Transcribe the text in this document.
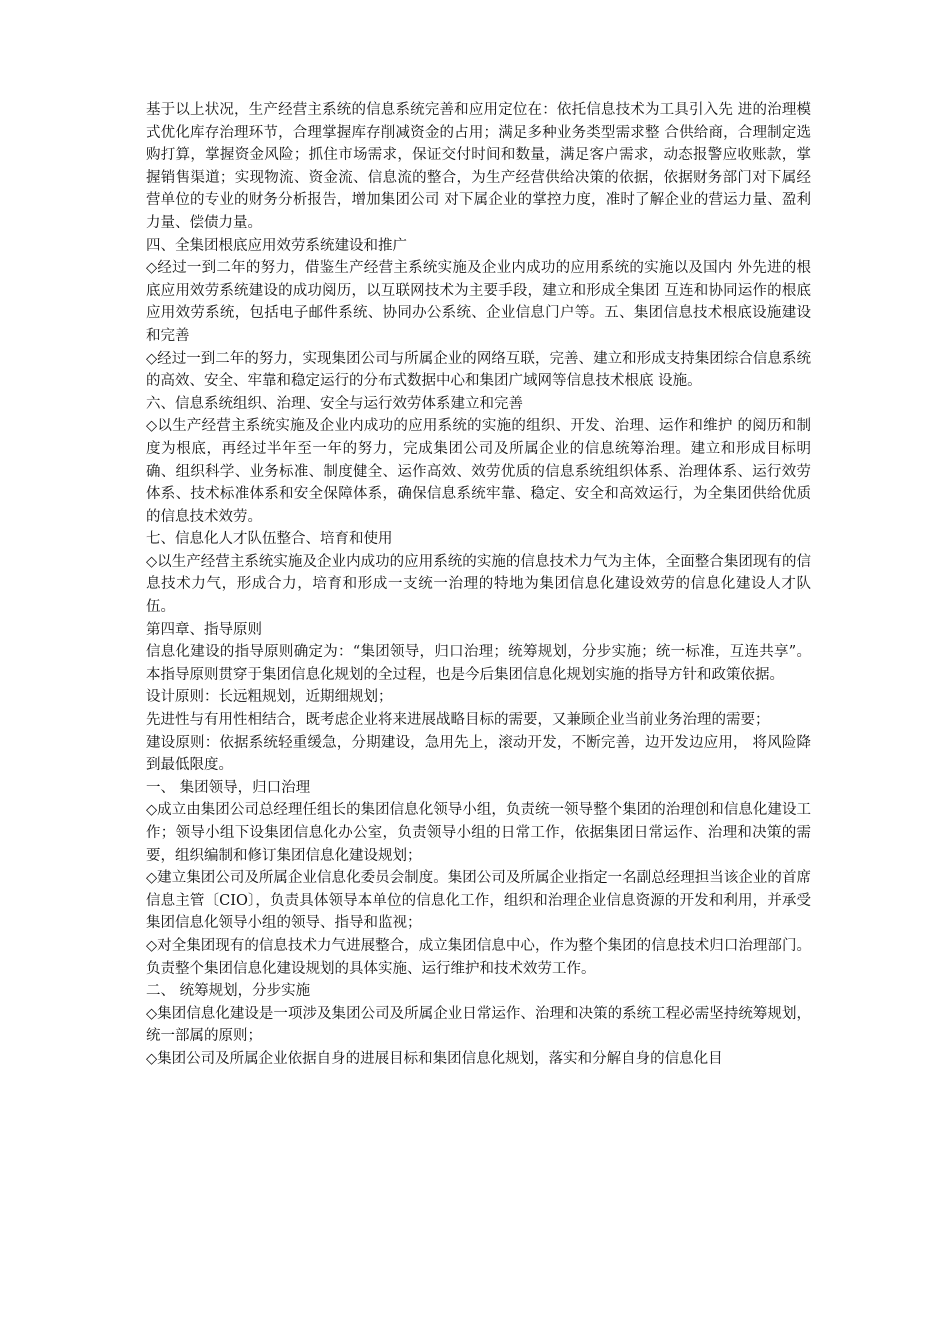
基于以上状况，生产经营主系统的信息系统完善和应用定位在：依托信息技术为工具引入先 进的治理模式优化库存治理环节，合理掌握库存削减资金的占用；满足多种业务类型需求整 合供给商，合理制定选购打算，掌握资金风险；抓住市场需求，保证交付时间和数量，满足客户需求，动态报警应收账款，掌握销售渠道；实现物流、资金流、信息流的整合，为生产经营供给决策的依据，依据财务部门对下属经营单位的专业的财务分析报告，增加集团公司 对下属企业的掌控力度，准时了解企业的营运力量、盈利力量、偿债力量。

四、全集团根底应用效劳系统建设和推广

◇经过一到二年的努力，借鉴生产经营主系统实施及企业内成功的应用系统的实施以及国内 外先进的根底应用效劳系统建设的成功阅历，以互联网技术为主要手段，建立和形成全集团 互连和协同运作的根底应用效劳系统，包括电子邮件系统、协同办公系统、企业信息门户等。五、集团信息技术根底设施建设和完善

◇经过一到二年的努力，实现集团公司与所属企业的网络互联，完善、建立和形成支持集团综合信息系统的高效、安全、牢靠和稳定运行的分布式数据中心和集团广域网等信息技术根底 设施。

六、信息系统组织、治理、安全与运行效劳体系建立和完善

◇以生产经营主系统实施及企业内成功的应用系统的实施的组织、开发、治理、运作和维护 的阅历和制度为根底，再经过半年至一年的努力，完成集团公司及所属企业的信息统筹治理。建立和形成目标明确、组织科学、业务标准、制度健全、运作高效、效劳优质的信息系统组织体系、治理体系、运行效劳体系、技术标准体系和安全保障体系，确保信息系统牢靠、稳定、安全和高效运行，为全集团供给优质的信息技术效劳。

七、信息化人才队伍整合、培育和使用

◇以生产经营主系统实施及企业内成功的应用系统的实施的信息技术力气为主体，全面整合集团现有的信息技术力气，形成合力，培育和形成一支统一治理的特地为集团信息化建设效劳的信息化建设人才队伍。

第四章、指导原则

信息化建设的指导原则确定为：“集团领导，归口治理；统筹规划，分步实施；统一标准，互连共享”。本指导原则贯穿于集团信息化规划的全过程，也是今后集团信息化规划实施的指导方针和政策依据。

设计原则：长远粗规划，近期细规划；

先进性与有用性相结合，既考虑企业将来进展战略目标的需要，又兼顾企业当前业务治理的需要；

建设原则：依据系统轻重缓急，分期建设，急用先上，滚动开发，不断完善，边开发边应用， 将风险降到最低限度。

一、 集团领导，归口治理

◇成立由集团公司总经理任组长的集团信息化领导小组，负责统一领导整个集团的治理创和信息化建设工作；领导小组下设集团信息化办公室，负责领导小组的日常工作，依据集团日常运作、治理和决策的需要，组织编制和修订集团信息化建设规划；

◇建立集团公司及所属企业信息化委员会制度。集团公司及所属企业指定一名副总经理担当该企业的首席信息主管〔CIO〕，负责具体领导本单位的信息化工作，组织和治理企业信息资源的开发和利用，并承受集团信息化领导小组的领导、指导和监视；

◇对全集团现有的信息技术力气进展整合，成立集团信息中心，作为整个集团的信息技术归口治理部门。负责整个集团信息化建设规划的具体实施、运行维护和技术效劳工作。

二、 统筹规划，分步实施

◇集团信息化建设是一项涉及集团公司及所属企业日常运作、治理和决策的系统工程必需坚持统筹规划，统一部属的原则；

◇集团公司及所属企业依据自身的进展目标和集团信息化规划，落实和分解自身的信息化目
